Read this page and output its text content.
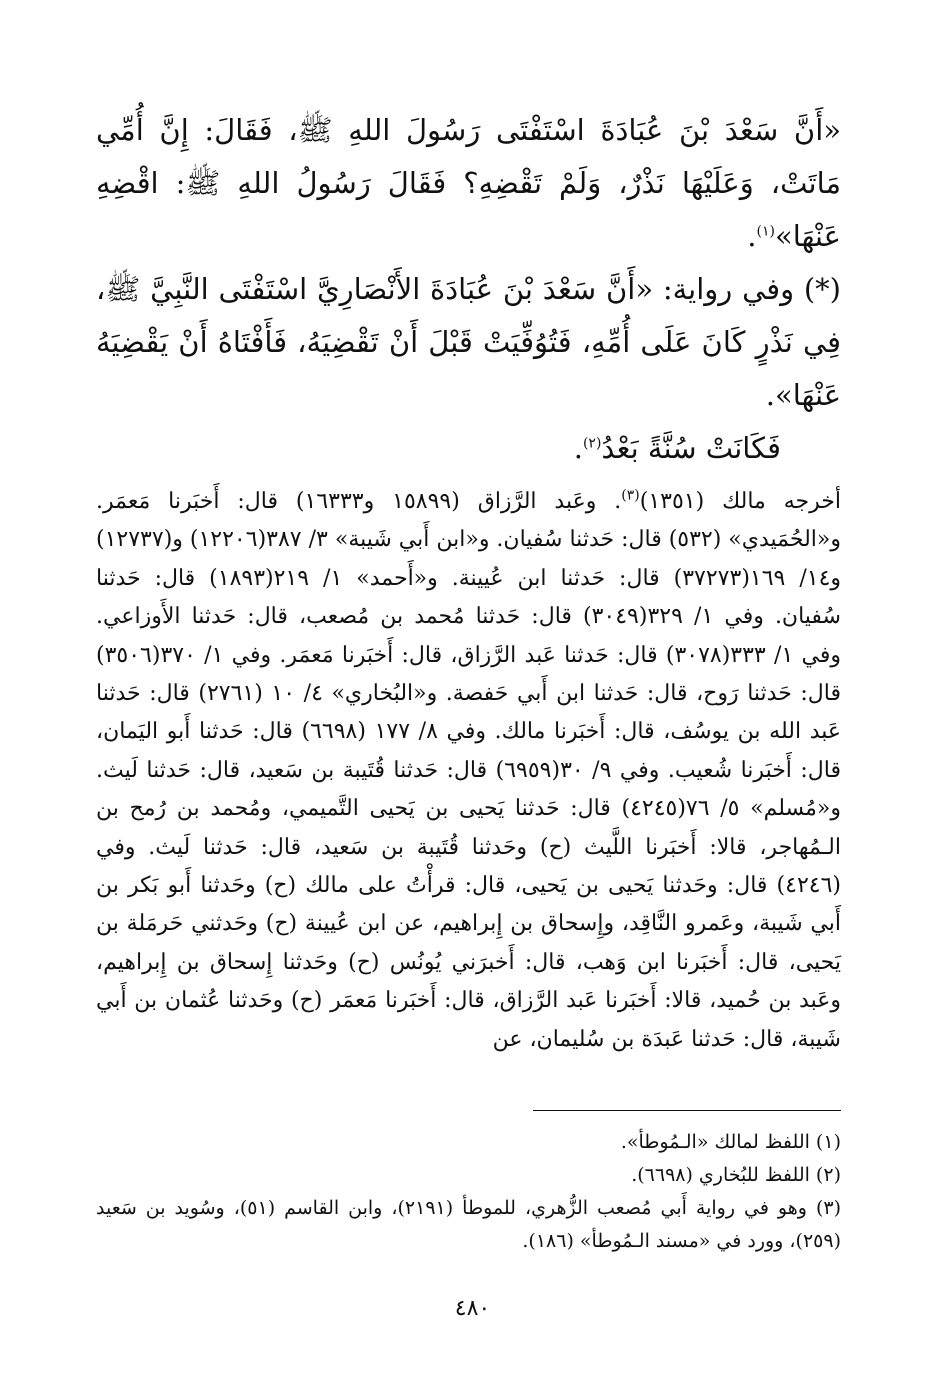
«أَنَّ سَعْدَ بْنَ عُبَادَةَ اسْتَفْتَى رَسُولَ اللهِ ﷺ، فَقَالَ: إِنَّ أُمِّي مَاتَتْ، وَعَلَيْهَا نَذْرٌ، وَلَمْ تَقْضِهِ؟ فَقَالَ رَسُولُ اللهِ ﷺ: اقْضِهِ عَنْهَا»$^{(١)}$.

(*) وفي رواية: «أَنَّ سَعْدَ بْنَ عُبَادَةَ الأَنْصَارِيَّ اسْتَفْتَى النَّبِيَّ ﷺ، فِي نَذْرٍ كَانَ عَلَى أُمِّهِ، فَتُوُفِّيَتْ قَبْلَ أَنْ تَقْضِيَهُ، فَأَفْتَاهُ أَنْ يَقْضِيَهُ عَنْهَا».

فَكَانَتْ سُنَّةً بَعْدُ$^{(٢)}$.

أخرجه مالك (١٣٥١)$^{(٣)}$. وعَبد الرَّزاق (١٥٨٩٩ و١٦٣٣٣) قال: أَخبَرنا مَعمَر. و«الحُمَيدي» (٥٣٢) قال: حَدثنا سُفيان. و«ابن أَبي شَيبة» ٣/ ٣٨٧(١٢٢٠٦) و(١٢٧٣٧) و١٤/ ١٦٩(٣٧٢٧٣) قال: حَدثنا ابن عُيينة. و«أَحمد» ١/ ٢١٩(١٨٩٣) قال: حَدثنا سُفيان. وفي ١/ ٣٢٩(٣٠٤٩) قال: حَدثنا مُحمد بن مُصعب، قال: حَدثنا الأَوزاعي. وفي ١/ ٣٣٣(٣٠٧٨) قال: حَدثنا عَبد الرَّزاق، قال: أَخبَرنا مَعمَر. وفي ١/ ٣٧٠(٣٥٠٦) قال: حَدثنا رَوح، قال: حَدثنا ابن أَبي حَفصة. و«البُخاري» ٤/ ١٠ (٢٧٦١) قال: حَدثنا عَبد الله بن يوسُف، قال: أَخبَرنا مالك. وفي ٨/ ١٧٧ (٦٦٩٨) قال: حَدثنا أَبو اليَمان، قال: أَخبَرنا شُعيب. وفي ٩/ ٣٠(٦٩٥٩) قال: حَدثنا قُتَيبة بن سَعيد، قال: حَدثنا لَيث. و«مُسلم» ٥/ ٧٦(٤٢٤٥) قال: حَدثنا يَحيى بن يَحيى التَّميمي، ومُحمد بن رُمح بن الـمُهاجر، قالا: أَخبَرنا اللَّيث (ح) وحَدثنا قُتَيبة بن سَعيد، قال: حَدثنا لَيث. وفي (٤٢٤٦) قال: وحَدثنا يَحيى بن يَحيى، قال: قرأْتُ على مالك (ح) وحَدثنا أَبو بَكر بن أَبي شَيبة، وعَمرو النَّاقِد، وإِسحاق بن إِبراهيم، عن ابن عُيينة (ح) وحَدثني حَرمَلة بن يَحيى، قال: أَخبَرنا ابن وَهب، قال: أَخبرَني يُونُس (ح) وحَدثنا إِسحاق بن إِبراهيم، وعَبد بن حُميد، قالا: أَخبَرنا عَبد الرَّزاق، قال: أَخبَرنا مَعمَر (ح) وحَدثنا عُثمان بن أَبي شَيبة، قال: حَدثنا عَبدَة بن سُليمان، عن

(١) اللفظ لمالك «الـمُوطأ».

(٢) اللفظ للبُخاري (٦٦٩٨).

(٣) وهو في رواية أَبي مُصعب الزُّهري، للموطأ (٢١٩١)، وابن القاسم (٥١)، وسُويد بن سَعيد (٢٥٩)، وورد في «مسند الـمُوطأ» (١٨٦).

٤٨٠
